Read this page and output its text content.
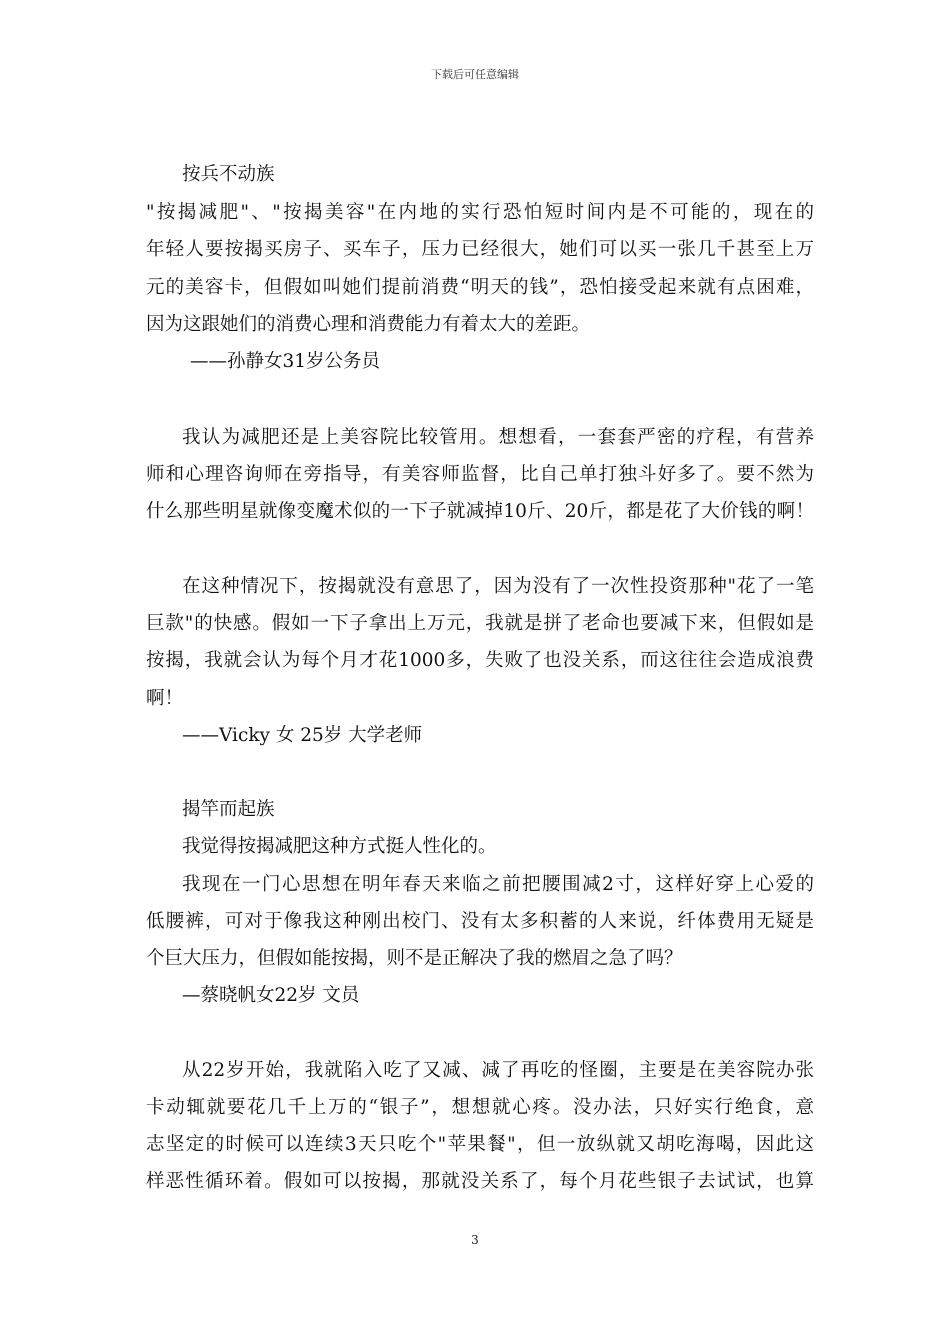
下载后可任意编辑
按兵不动族
"按揭减肥"、"按揭美容"在内地的实行恐怕短时间内是不可能的，现在的
年轻人要按揭买房子、买车子，压力已经很大，她们可以买一张几千甚至上万
元的美容卡，但假如叫她们提前消费“明天的钱”，恐怕接受起来就有点困难，
因为这跟她们的消费心理和消费能力有着太大的差距。
——孙静女31岁公务员
我认为减肥还是上美容院比较管用。想想看，一套套严密的疗程，有营养
师和心理咨询师在旁指导，有美容师监督，比自己单打独斗好多了。要不然为
什么那些明星就像变魔术似的一下子就减掉10斤、20斤，都是花了大价钱的啊！
在这种情况下，按揭就没有意思了，因为没有了一次性投资那种"花了一笔
巨款"的快感。假如一下子拿出上万元，我就是拼了老命也要减下来，但假如是
按揭，我就会认为每个月才花1000多，失败了也没关系，而这往往会造成浪费
啊！
——Vicky 女 25岁 大学老师
揭竿而起族
我觉得按揭减肥这种方式挺人性化的。
我现在一门心思想在明年春天来临之前把腰围减2寸，这样好穿上心爱的
低腰裤，可对于像我这种刚出校门、没有太多积蓄的人来说，纤体费用无疑是
个巨大压力，但假如能按揭，则不是正解决了我的燃眉之急了吗？
—蔡晓帆女22岁 文员
从22岁开始，我就陷入吃了又减、减了再吃的怪圈，主要是在美容院办张
卡动辄就要花几千上万的“银子”，想想就心疼。没办法，只好实行绝食，意
志坚定的时候可以连续3天只吃个"苹果餐"，但一放纵就又胡吃海喝，因此这
样恶性循环着。假如可以按揭，那就没关系了，每个月花些银子去试试，也算
3
